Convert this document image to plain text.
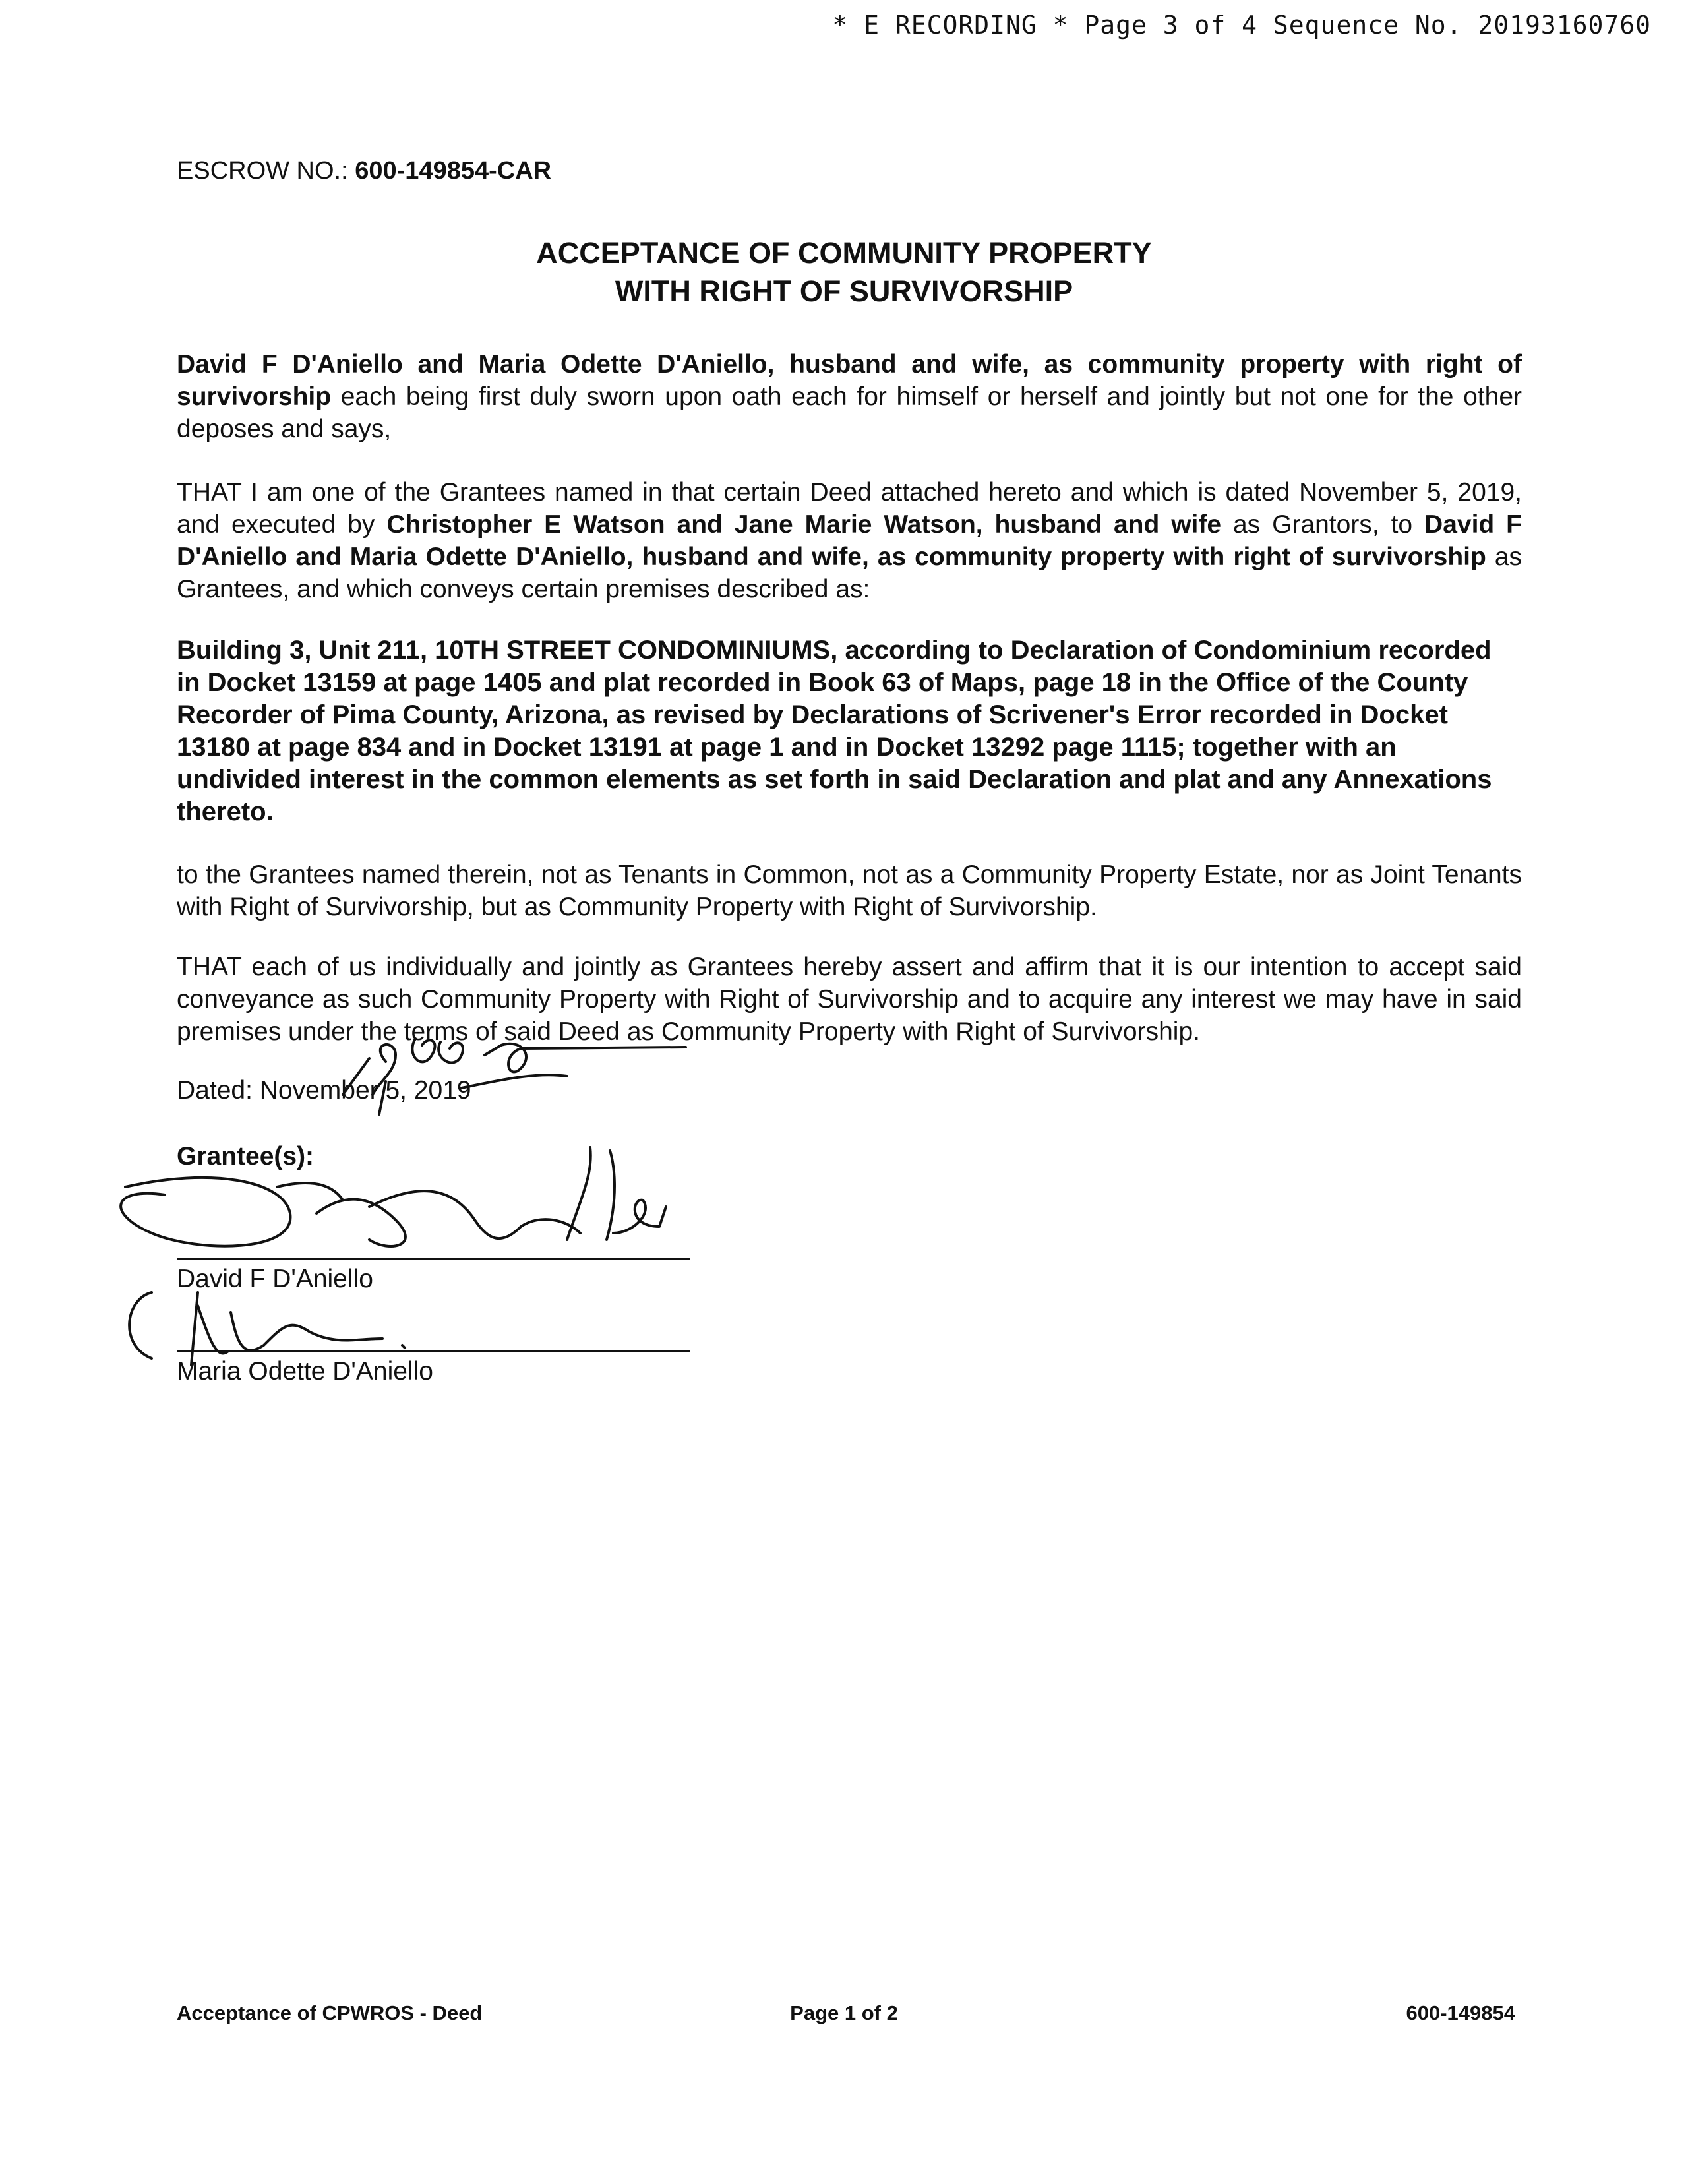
* E RECORDING * Page 3 of 4 Sequence No. 20193160760
ESCROW NO.: 600-149854-CAR
ACCEPTANCE OF COMMUNITY PROPERTY
WITH RIGHT OF SURVIVORSHIP
David F D'Aniello and Maria Odette D'Aniello, husband and wife, as community property with right of survivorship each being first duly sworn upon oath each for himself or herself and jointly but not one for the other deposes and says,
THAT I am one of the Grantees named in that certain Deed attached hereto and which is dated November 5, 2019, and executed by Christopher E Watson and Jane Marie Watson, husband and wife as Grantors, to David F D'Aniello and Maria Odette D'Aniello, husband and wife, as community property with right of survivorship as Grantees, and which conveys certain premises described as:
Building 3, Unit 211, 10TH STREET CONDOMINIUMS, according to Declaration of Condominium recorded in Docket 13159 at page 1405 and plat recorded in Book 63 of Maps, page 18 in the Office of the County Recorder of Pima County, Arizona, as revised by Declarations of Scrivener's Error recorded in Docket 13180 at page 834 and in Docket 13191 at page 1 and in Docket 13292 page 1115; together with an undivided interest in the common elements as set forth in said Declaration and plat and any Annexations thereto.
to the Grantees named therein, not as Tenants in Common, not as a Community Property Estate, nor as Joint Tenants with Right of Survivorship, but as Community Property with Right of Survivorship.
THAT each of us individually and jointly as Grantees hereby assert and affirm that it is our intention to accept said conveyance as such Community Property with Right of Survivorship and to acquire any interest we may have in said premises under the terms of said Deed as Community Property with Right of Survivorship.
Dated: November 5, 2019
Grantee(s):
David F D'Aniello
Maria Odette D'Aniello
Acceptance of CPWROS - Deed	Page 1 of 2	600-149854
